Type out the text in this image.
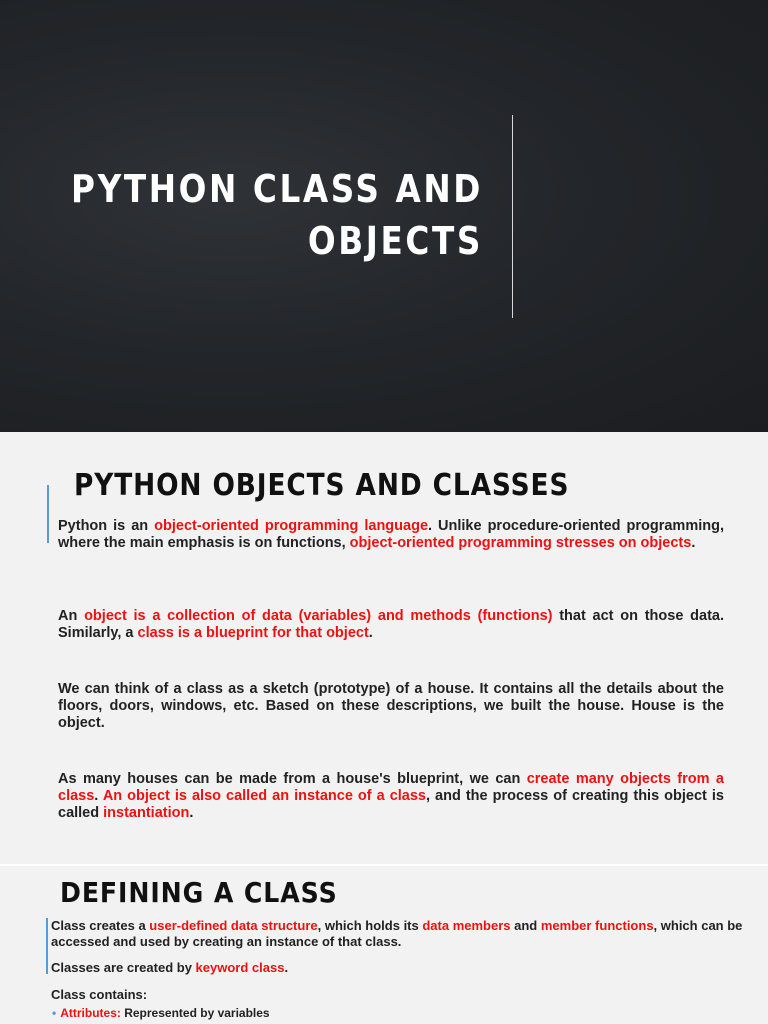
PYTHON CLASS AND
OBJECTS
PYTHON OBJECTS AND CLASSES
Python is an object-oriented programming language. Unlike procedure-oriented programming, where the main emphasis is on functions, object-oriented programming stresses on objects.
An object is a collection of data (variables) and methods (functions) that act on those data. Similarly, a class is a blueprint for that object.
We can think of a class as a sketch (prototype) of a house. It contains all the details about the floors, doors, windows, etc. Based on these descriptions, we built the house. House is the object.
As many houses can be made from a house's blueprint, we can create many objects from a class. An object is also called an instance of a class, and the process of creating this object is called instantiation.
DEFINING A CLASS
Class creates a user-defined data structure, which holds its data members and member functions, which can be accessed and used by creating an instance of that class.
Classes are created by keyword class.
Class contains:
• Attributes: Represented by variables
